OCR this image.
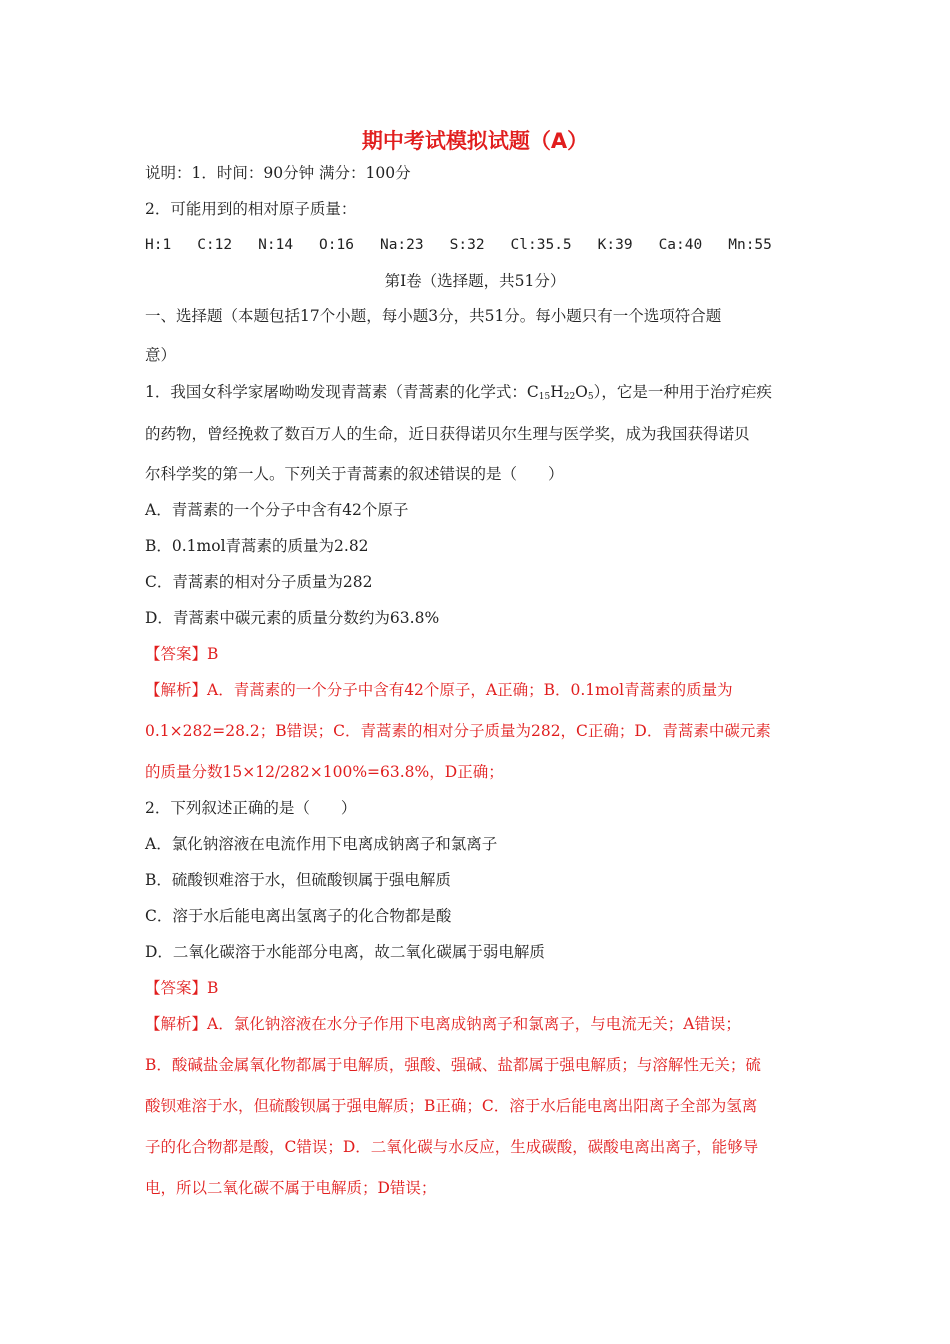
期中考试模拟试题（A）
说明：1．时间：90分钟 满分：100分
2．可能用到的相对原子质量：
H:1 C:12 N:14 O:16 Na:23 S:32 Cl:35.5 K:39 Ca:40 Mn:55
第Ⅰ卷（选择题，共51分）
一、选择题（本题包括17个小题，每小题3分，共51分。每小题只有一个选项符合题
意）
1．我国女科学家屠呦呦发现青蒿素（青蒿素的化学式：$C_{15}H_{22}O_5$），它是一种用于治疗疟疾
的药物，曾经挽救了数百万人的生命，近日获得诺贝尔生理与医学奖，成为我国获得诺贝
尔科学奖的第一人。下列关于青蒿素的叙述错误的是（　　）
A．青蒿素的一个分子中含有42个原子
B．0.1mol青蒿素的质量为2.82
C．青蒿素的相对分子质量为282
D．青蒿素中碳元素的质量分数约为63.8%
【答案】B
【解析】A．青蒿素的一个分子中含有42个原子，A正确；B．0.1mol青蒿素的质量为
0.1×282=28.2；B错误；C．青蒿素的相对分子质量为282，C正确；D．青蒿素中碳元素
的质量分数15×12/282×100%=63.8%，D正确；
2．下列叙述正确的是（　　）
A．氯化钠溶液在电流作用下电离成钠离子和氯离子
B．硫酸钡难溶于水，但硫酸钡属于强电解质
C．溶于水后能电离出氢离子的化合物都是酸
D．二氧化碳溶于水能部分电离，故二氧化碳属于弱电解质
【答案】B
【解析】A．氯化钠溶液在水分子作用下电离成钠离子和氯离子，与电流无关；A错误；
B．酸碱盐金属氧化物都属于电解质，强酸、强碱、盐都属于强电解质；与溶解性无关；硫
酸钡难溶于水，但硫酸钡属于强电解质；B正确；C．溶于水后能电离出阳离子全部为氢离
子的化合物都是酸，C错误；D．二氧化碳与水反应，生成碳酸，碳酸电离出离子，能够导
电，所以二氧化碳不属于电解质；D错误；
